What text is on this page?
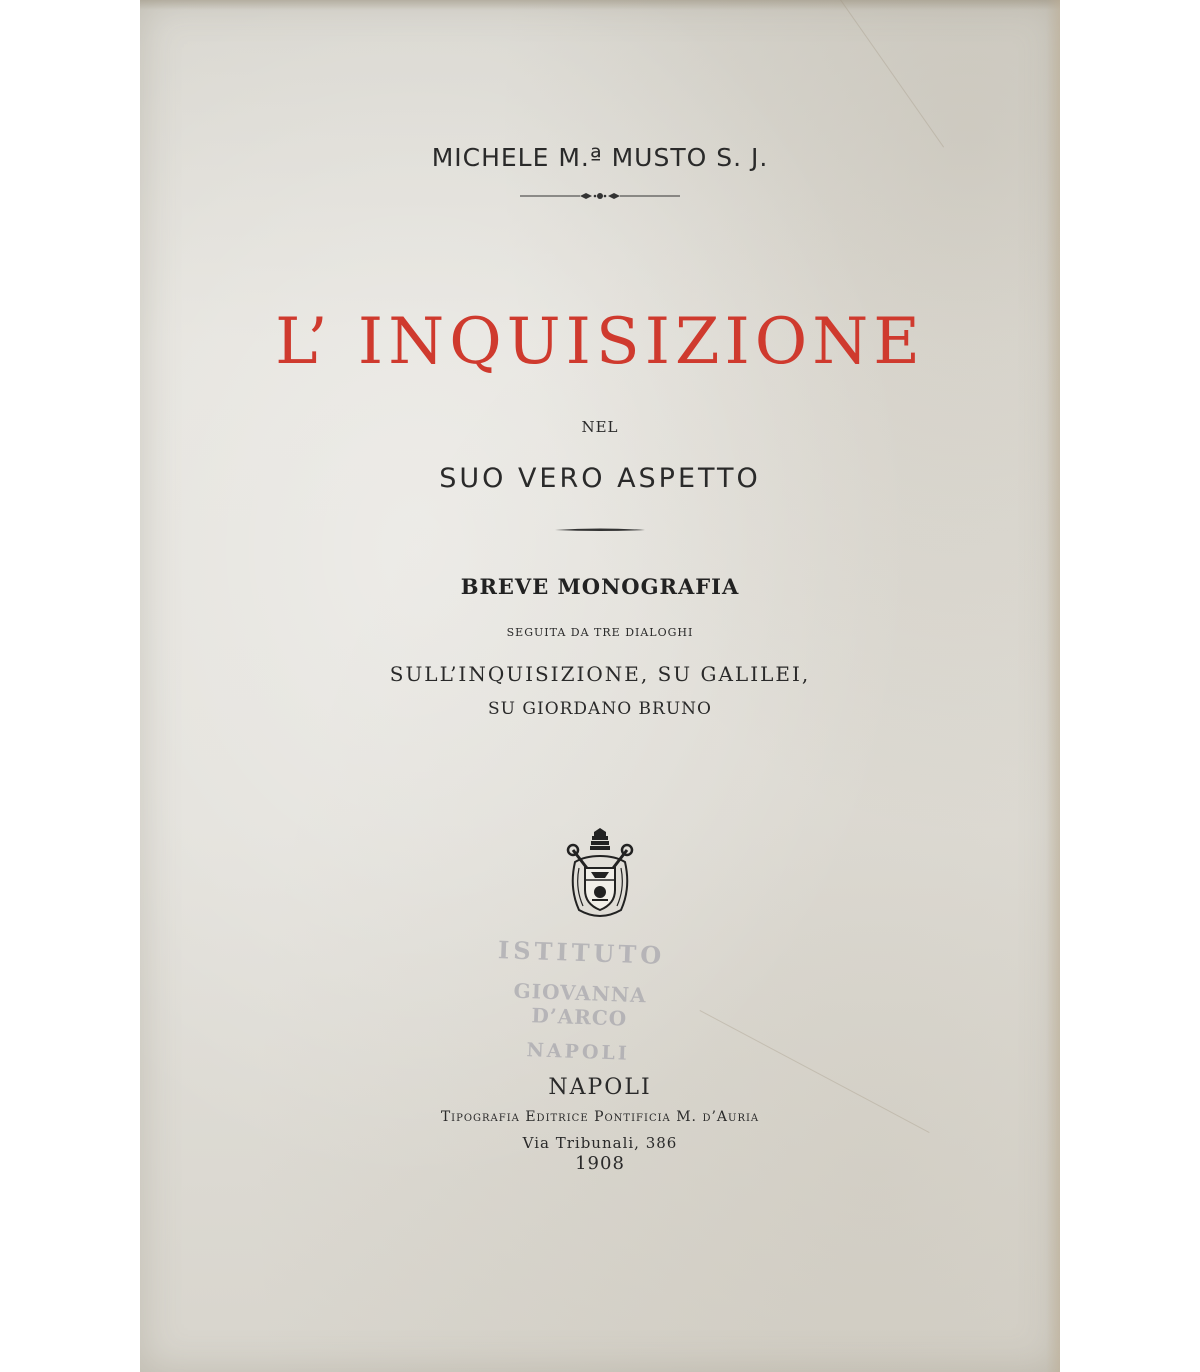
MICHELE M.ª MUSTO S. J.
L’ INQUISIZIONE
NEL
SUO VERO ASPETTO
BREVE MONOGRAFIA
SEGUITA DA TRE DIALOGHI
SULL’INQUISIZIONE, SU GALILEI,
SU GIORDANO BRUNO
ISTITUTO
GIOVANNA D’ARCO
NAPOLI
NAPOLI
Tipografia Editrice Pontificia M. d’Auria
Via Tribunali, 386
1908
